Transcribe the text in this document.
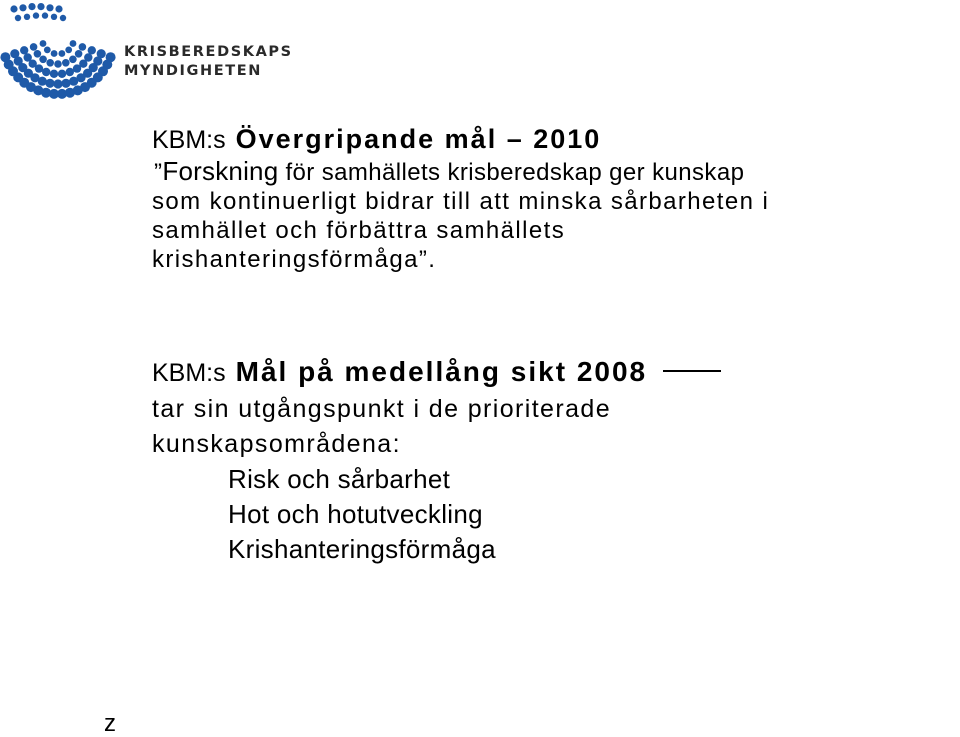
KRISBEREDSKAPS
MYNDIGHETEN
KBM:s Övergripande mål – 2010
”Forskning för samhällets krisberedskap ger kunskap
som kontinuerligt bidrar till att minska sårbarheten i
samhället och förbättra samhällets
krishanteringsförmåga”.
KBM:s Mål på medellång sikt 2008
tar sin utgångspunkt i de prioriterade
kunskapsområdena:
Risk och sårbarhet
Hot och hotutveckling
Krishanteringsförmåga
z
